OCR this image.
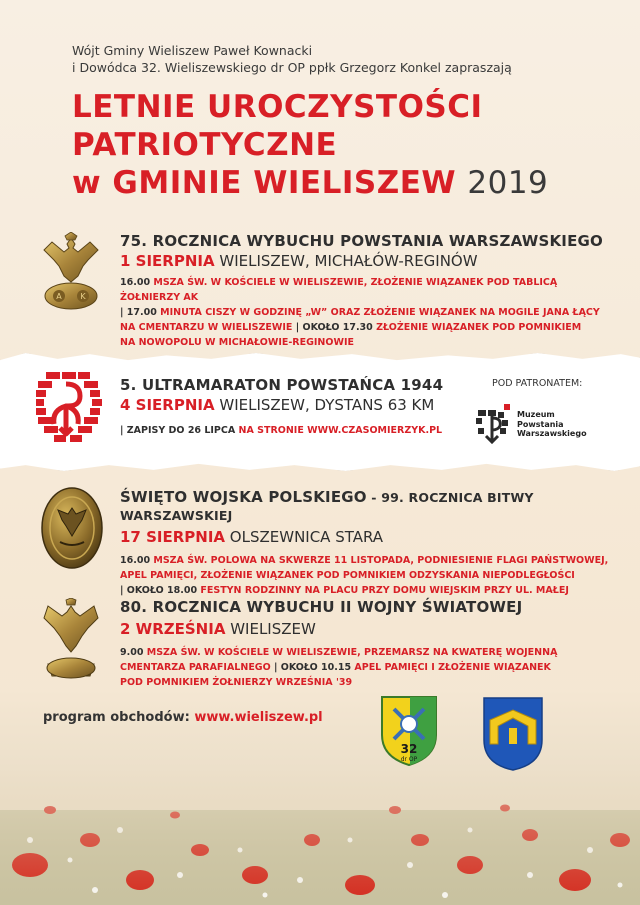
Wójt Gminy Wieliszew Paweł Kownacki
i Dowódca 32. Wieliszewskiego dr OP ppłk Grzegorz Konkel zapraszają
LETNIE UROCZYSTOŚCI
PATRIOTYCZNE
w GMINIE WIELISZEW 2019
A K
75. ROCZNICA WYBUCHU POWSTANIA WARSZAWSKIEGO
1 SIERPNIA WIELISZEW, MICHAŁÓW-REGINÓW
16.00 MSZA ŚW. W KOŚCIELE W WIELISZEWIE, ZŁOŻENIE WIĄZANEK POD TABLICĄ ŻOŁNIERZY AK
| 17.00 MINUTA CISZY W GODZINĘ „W” ORAZ ZŁOŻENIE WIĄZANEK NA MOGILE JANA ŁĄCY
NA CMENTARZU W WIELISZEWIE | OKOŁO 17.30 ZŁOŻENIE WIĄZANEK POD POMNIKIEM
NA NOWOPOLU W MICHAŁOWIE-REGINOWIE
5. ULTRAMARATON POWSTAŃCA 1944
4 SIERPNIA WIELISZEW, DYSTANS 63 KM
| ZAPISY DO 26 LIPCA NA STRONIE WWW.CZASOMIERZYK.PL
POD PATRONATEM:
Muzeum
Powstania
Warszawskiego
ŚWIĘTO WOJSKA POLSKIEGO - 99. ROCZNICA BITWY WARSZAWSKIEJ
17 SIERPNIA OLSZEWNICA STARA
16.00 MSZA ŚW. POLOWA NA SKWERZE 11 LISTOPADA, PODNIESIENIE FLAGI PAŃSTWOWEJ,
APEL PAMIĘCI, ZŁOŻENIE WIĄZANEK POD POMNIKIEM ODZYSKANIA NIEPODLEGŁOŚCI
| OKOŁO 18.00 FESTYN RODZINNY NA PLACU PRZY DOMU WIEJSKIM PRZY UL. MAŁEJ
80. ROCZNICA WYBUCHU II WOJNY ŚWIATOWEJ
2 WRZEŚNIA WIELISZEW
9.00 MSZA ŚW. W KOŚCIELE W WIELISZEWIE, PRZEMARSZ NA KWATERĘ WOJENNĄ
CMENTARZA PARAFIALNEGO | OKOŁO 10.15 APEL PAMIĘCI I ZŁOŻENIE WIĄZANEK
POD POMNIKIEM ŻOŁNIERZY WRZEŚNIA '39
program obchodów: www.wieliszew.pl
32
dr OP
